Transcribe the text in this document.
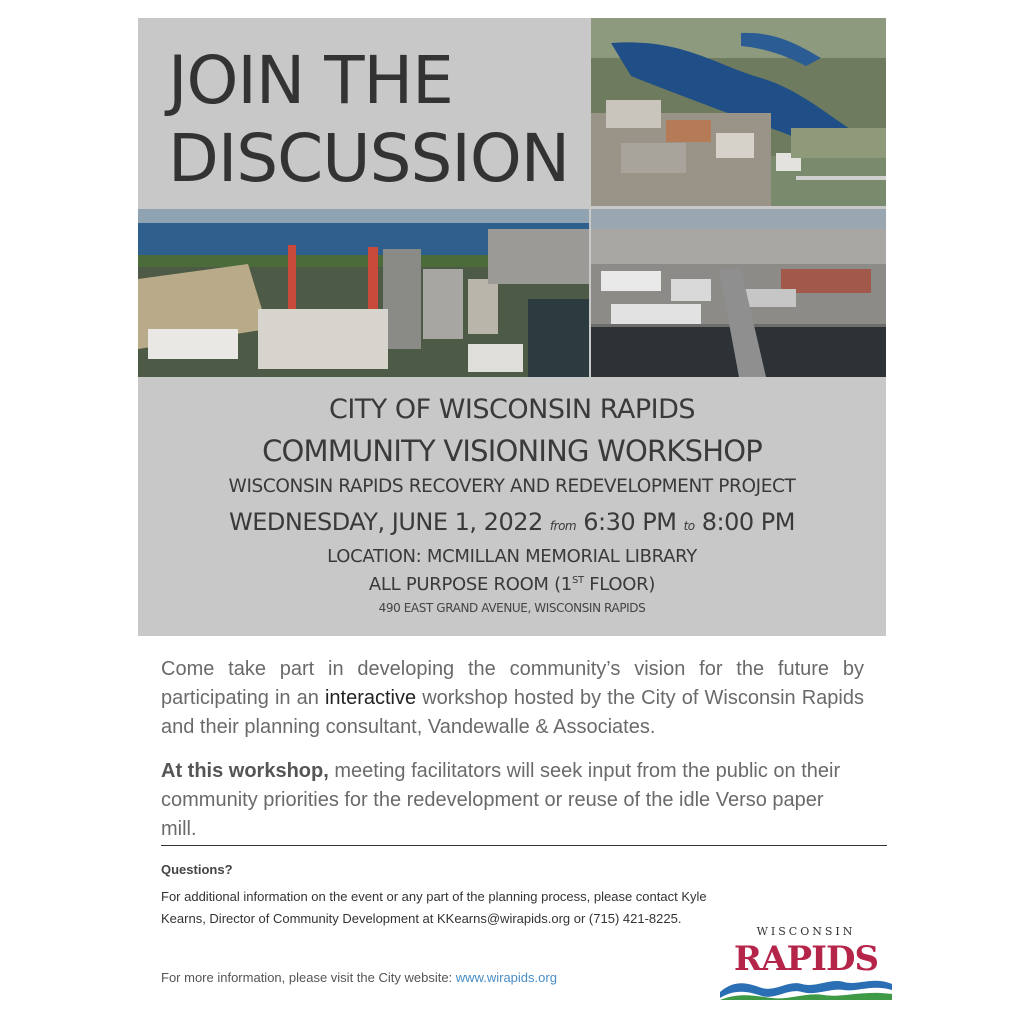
JOIN THE
DISCUSSION
CITY OF WISCONSIN RAPIDS
COMMUNITY VISIONING WORKSHOP
WISCONSIN RAPIDS RECOVERY AND REDEVELOPMENT PROJECT
WEDNESDAY, JUNE 1, 2022 from 6:30 PM to 8:00 PM
LOCATION: MCMILLAN MEMORIAL LIBRARY
ALL PURPOSE ROOM (1ST FLOOR)
490 EAST GRAND AVENUE, WISCONSIN RAPIDS

Come take part in developing the community’s vision for the future by participating in an interactive workshop hosted by the City of Wisconsin Rapids and their planning consultant, Vandewalle & Associates.

At this workshop, meeting facilitators will seek input from the public on their community priorities for the redevelopment or reuse of the idle Verso paper mill.

Questions?

For additional information on the event or any part of the planning process, please contact Kyle Kearns, Director of Community Development at KKearns@wirapids.org or (715) 421-8225.

For more information, please visit the City website: www.wirapids.org

WISCONSIN
RAPIDS
